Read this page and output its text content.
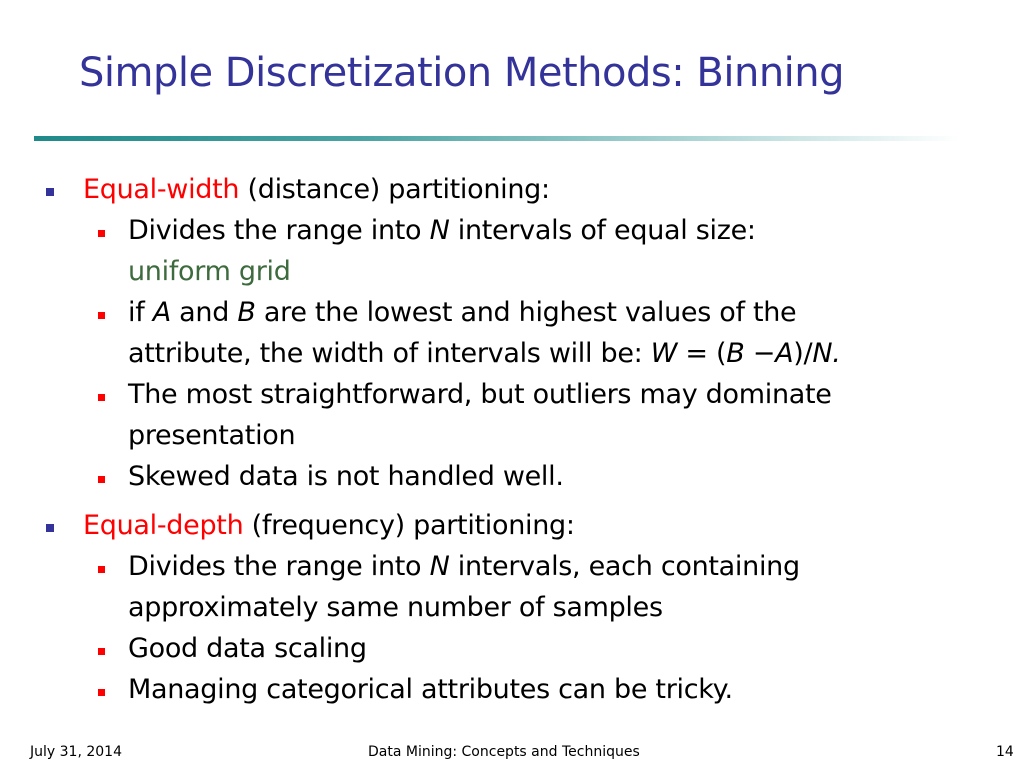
Simple Discretization Methods: Binning
Equal-width (distance) partitioning:
Divides the range into N intervals of equal size:
uniform grid
if A and B are the lowest and highest values of the
attribute, the width of intervals will be: W = (B −A)/N.
The most straightforward, but outliers may dominate
presentation
Skewed data is not handled well.
Equal-depth (frequency) partitioning:
Divides the range into N intervals, each containing
approximately same number of samples
Good data scaling
Managing categorical attributes can be tricky.
July 31, 2014	Data Mining: Concepts and Techniques	14
